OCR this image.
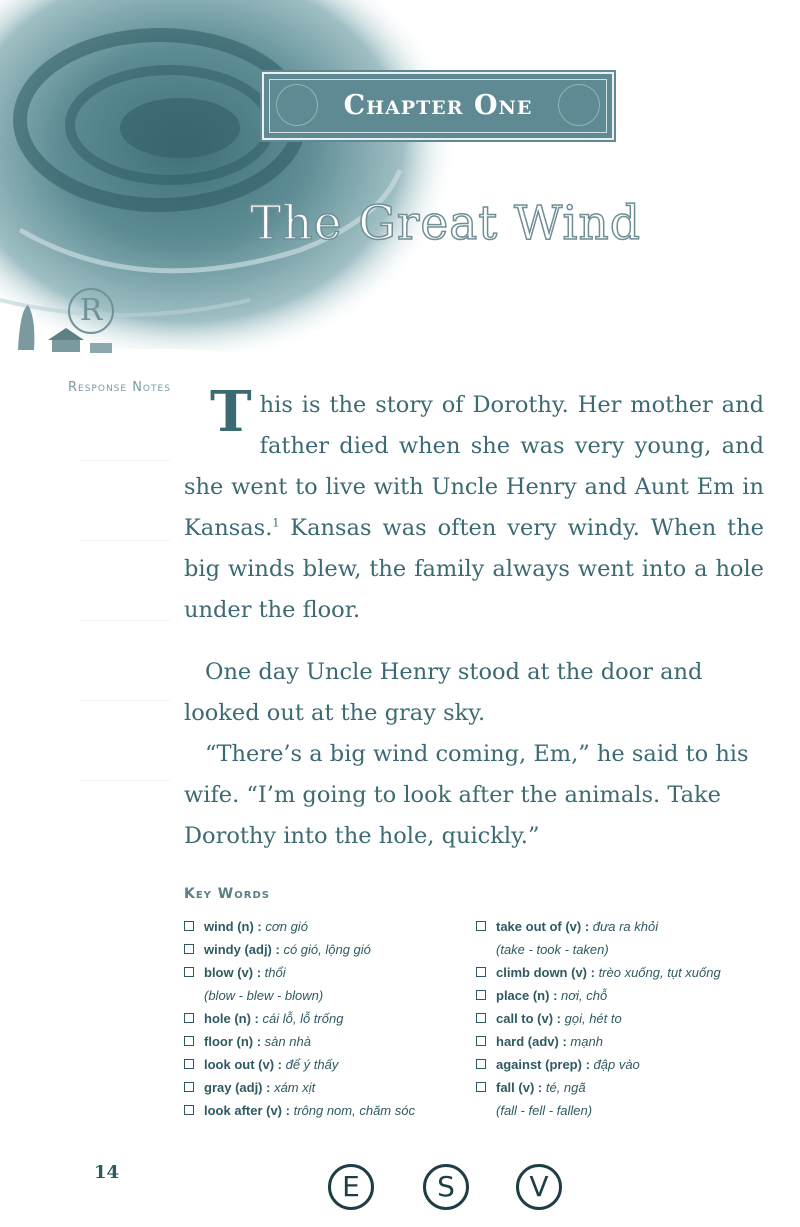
Chapter One
The Great Wind
R
Response Notes This is the story of Dorothy. Her mother and father died when she was very young, and she went to live with Uncle Henry and Aunt Em in Kansas.$^1$ Kansas was often very windy. When the big winds blew, the family always went into a hole under the floor.

One day Uncle Henry stood at the door and looked out at the gray sky.

“There’s a big wind coming, Em,” he said to his wife. “I’m going to look after the animals. Take Dorothy into the hole, quickly.”

Key Words
wind (n) : cơn gió
windy (adj) : có gió, lộng gió
blow (v) : thổi
(blow - blew - blown)
hole (n) : cái lỗ, lỗ trống
floor (n) : sàn nhà
look out (v) : để ý thấy
gray (adj) : xám xịt
look after (v) : trông nom, chăm sóc
take out of (v) : đưa ra khỏi
(take - took - taken)
climb down (v) : trèo xuống, tụt xuống
place (n) : nơi, chỗ
call to (v) : gọi, hét to
hard (adv) : mạnh
against (prep) : đập vào
fall (v) : té, ngã
(fall - fell - fallen)
14	E	S	V
